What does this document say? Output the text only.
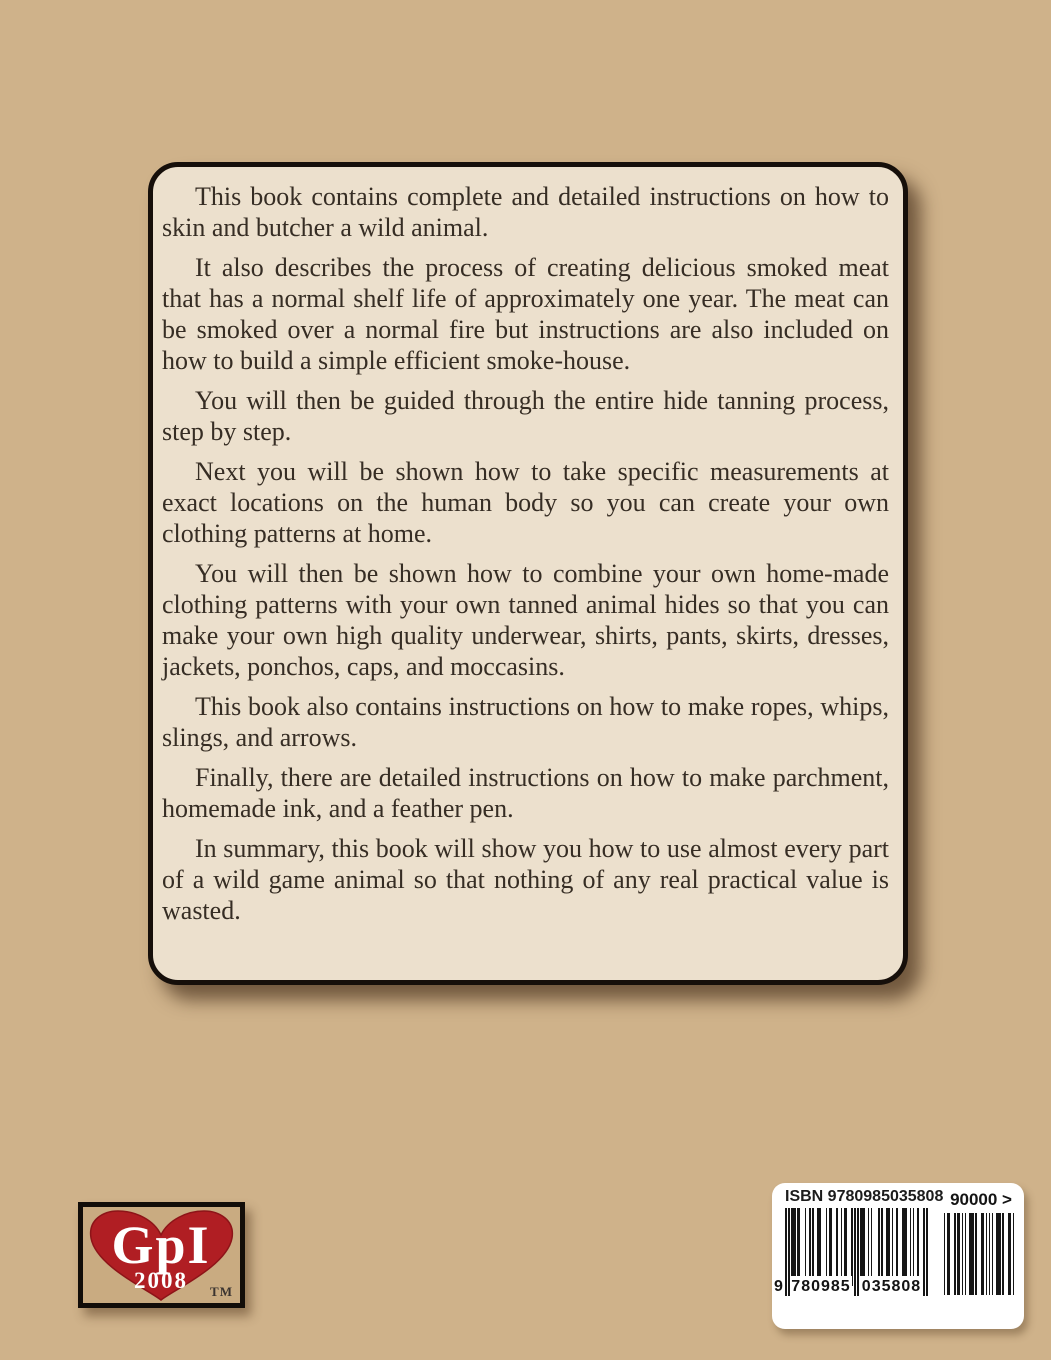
This book contains complete and detailed instructions on how to skin and butcher a wild animal.

It also describes the process of creating delicious smoked meat that has a normal shelf life of approximately one year. The meat can be smoked over a normal fire but instructions are also included on how to build a simple efficient smoke-house.

You will then be guided through the entire hide tanning process, step by step.

Next you will be shown how to take specific measurements at exact locations on the human body so you can create your own clothing patterns at home.

You will then be shown how to combine your own home-made clothing patterns with your own tanned animal hides so that you can make your own high quality underwear, shirts, pants, skirts, dresses, jackets, ponchos, caps, and moccasins.

This book also contains instructions on how to make ropes, whips, slings, and arrows.

Finally, there are detailed instructions on how to make parchment, homemade ink, and a feather pen.

In summary, this book will show you how to use almost every part of a wild game animal so that nothing of any real practical value is wasted.

GpI
2008 TM
ISBN 9780985035808
9 780985 035808
90000 >
